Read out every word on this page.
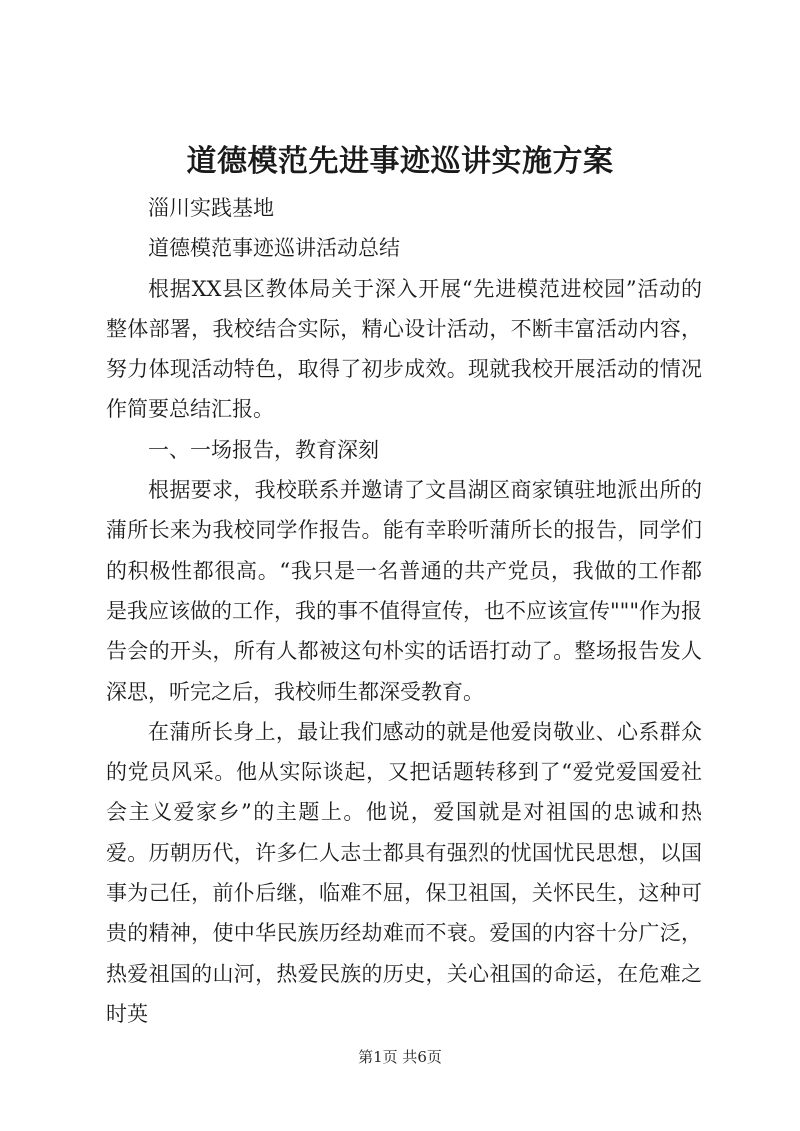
道德模范先进事迹巡讲实施方案

淄川实践基地

道德模范事迹巡讲活动总结

根据XX县区教体局关于深入开展“先进模范进校园”活动的整体部署，我校结合实际，精心设计活动，不断丰富活动内容，努力体现活动特色，取得了初步成效。现就我校开展活动的情况作简要总结汇报。

一、一场报告，教育深刻

根据要求，我校联系并邀请了文昌湖区商家镇驻地派出所的蒲所长来为我校同学作报告。能有幸聆听蒲所长的报告，同学们的积极性都很高。“我只是一名普通的共产党员，我做的工作都是我应该做的工作，我的事不值得宣传，也不应该宣传"""作为报告会的开头，所有人都被这句朴实的话语打动了。整场报告发人深思，听完之后，我校师生都深受教育。

在蒲所长身上，最让我们感动的就是他爱岗敬业、心系群众的党员风采。他从实际谈起，又把话题转移到了“爱党爱国爱社会主义爱家乡”的主题上。他说，爱国就是对祖国的忠诚和热爱。历朝历代，许多仁人志士都具有强烈的忧国忧民思想，以国事为己任，前仆后继，临难不屈，保卫祖国，关怀民生，这种可贵的精神，使中华民族历经劫难而不衰。爱国的内容十分广泛，热爱祖国的山河，热爱民族的历史，关心祖国的命运，在危难之时英

第1页 共6页
